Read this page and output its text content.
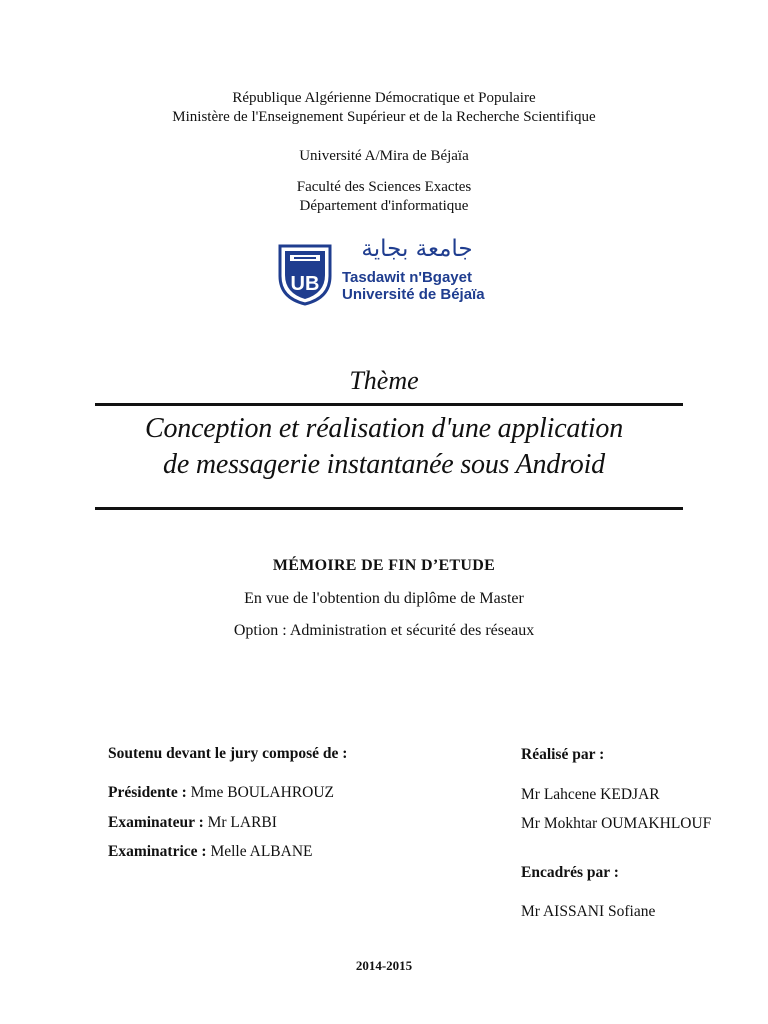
République Algérienne Démocratique et Populaire
Ministère de l'Enseignement Supérieur et de la Recherche Scientifique
Université A/Mira de Béjaïa
Faculté des Sciences Exactes
Département d'informatique
UB
جامعة بجاية
Tasdawit n'Bgayet
Université de Béjaïa
Thème
Conception et réalisation d'une application
de messagerie instantanée sous Android
MÉMOIRE DE FIN D’ETUDE
En vue de l'obtention du diplôme de Master
Option : Administration et sécurité des réseaux
Soutenu devant le jury composé de :
Présidente : Mme BOULAHROUZ
Examinateur : Mr LARBI
Examinatrice : Melle ALBANE
Réalisé par :
Mr Lahcene KEDJAR
Mr Mokhtar OUMAKHLOUF
Encadrés par :
Mr AISSANI Sofiane
2014-2015
